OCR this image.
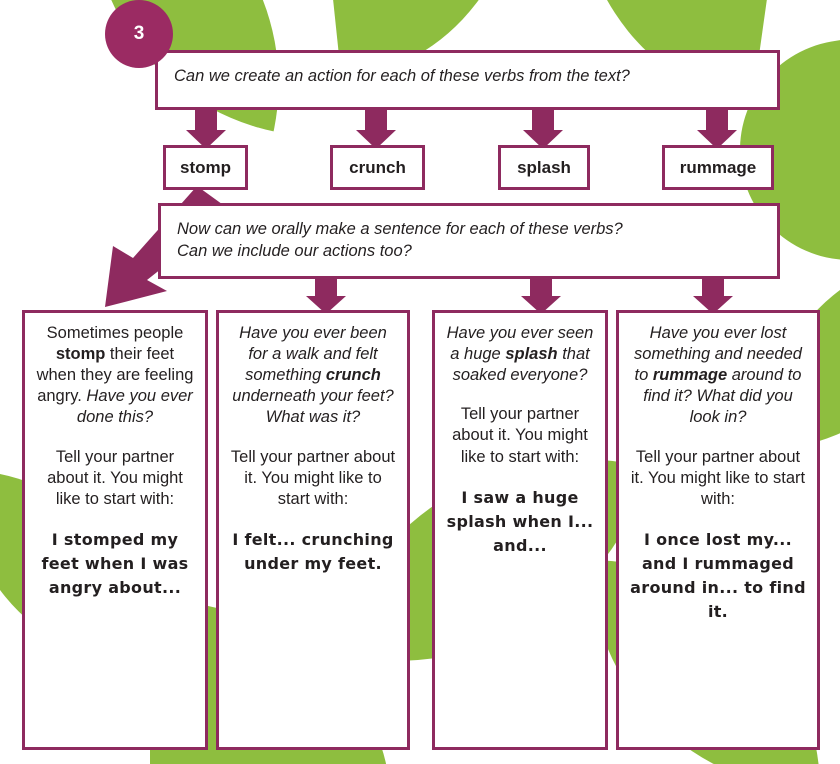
3
Can we create an action for each of these verbs from the text?
stomp	crunch	splash	rummage
Now can we orally make a sentence for each of these verbs?
Can we include our actions too?

Sometimes people stomp their feet when they are feeling angry. Have you ever done this?

Tell your partner about it. You might like to start with:

I stomped my feet when I was angry about...

Have you ever been for a walk and felt something crunch underneath your feet? What was it?

Tell your partner about it. You might like to start with:

I felt... crunching under my feet.

Have you ever seen a huge splash that soaked everyone?

Tell your partner about it. You might like to start with:

I saw a huge splash when I... and...

Have you ever lost something and needed to rummage around to find it? What did you look in?

Tell your partner about it. You might like to start with:

I once lost my... and I rummaged around in... to find it.
